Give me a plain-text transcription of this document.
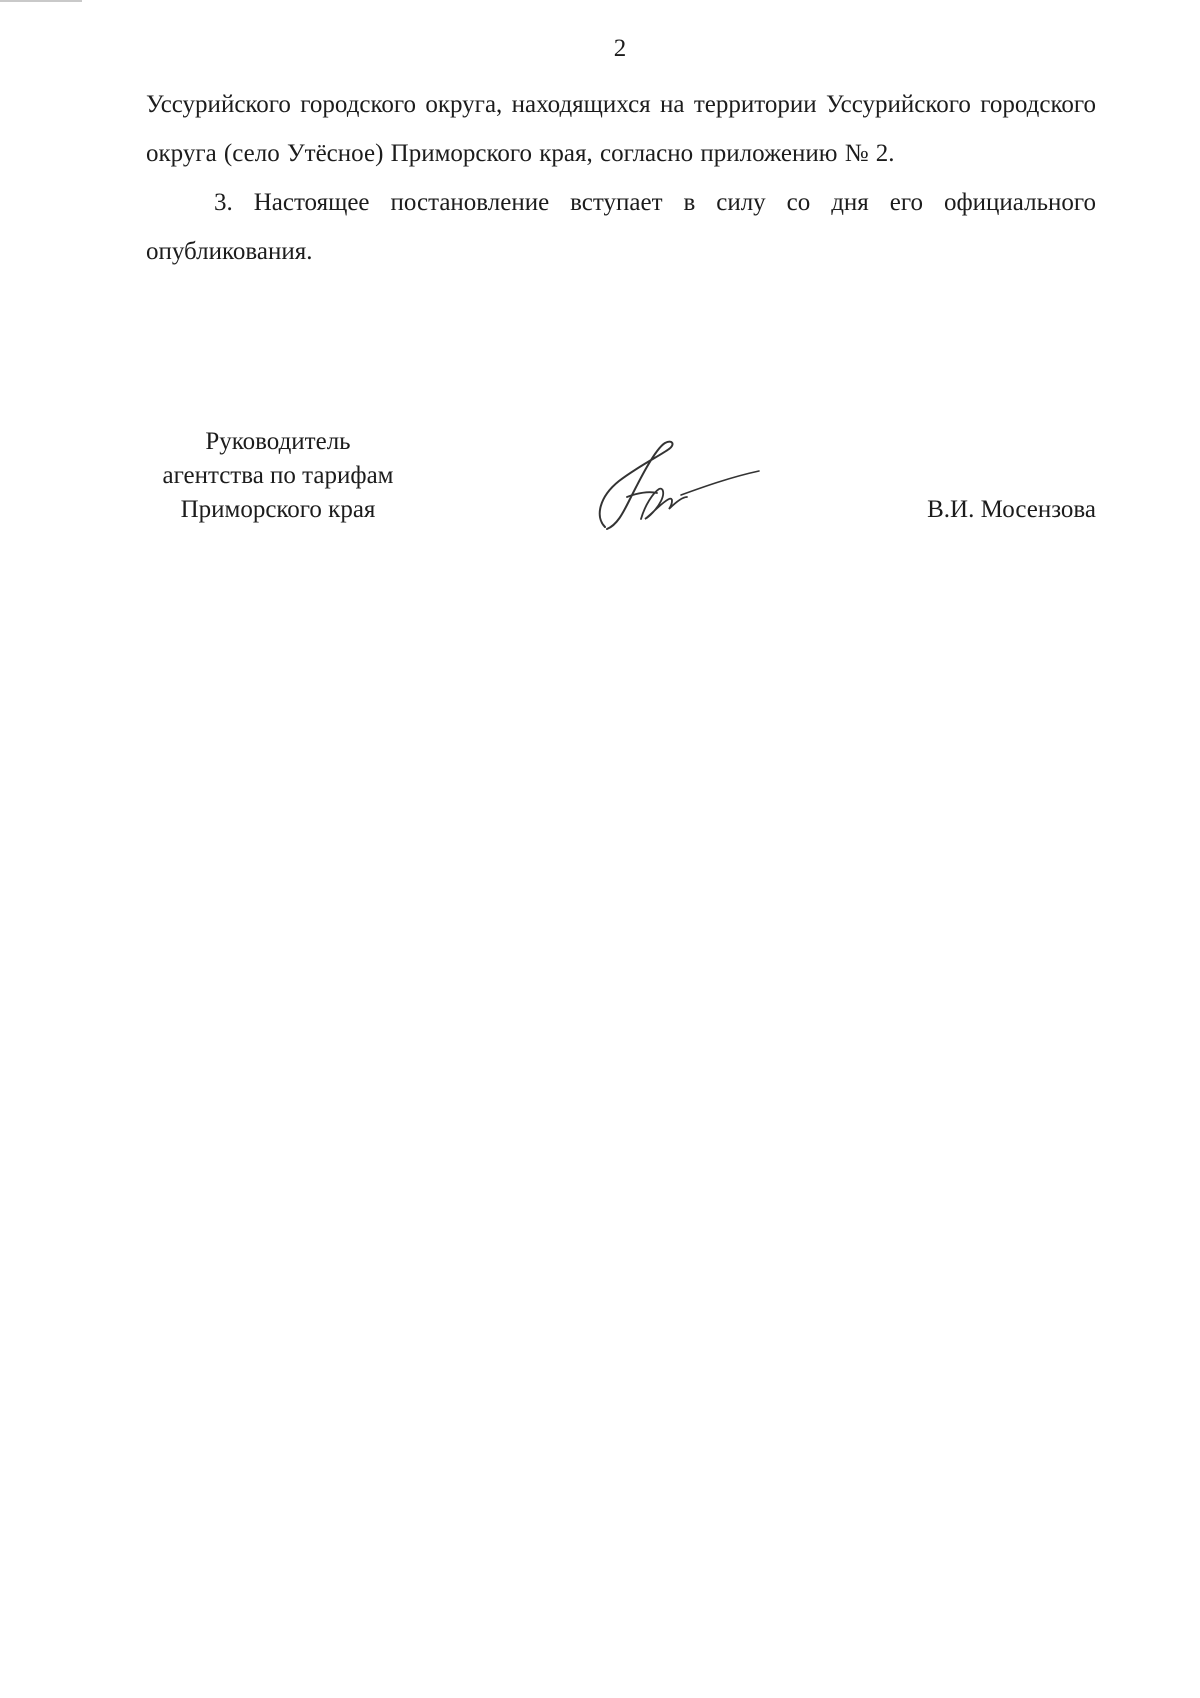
2

Уссурийского городского округа, находящихся на территории Уссурийского городского округа (село Утёсное) Приморского края, согласно приложению № 2.

3. Настоящее постановление вступает в силу со дня его официального опубликования.

Руководитель
агентства по тарифам
Приморского края	В.И. Мосензова
